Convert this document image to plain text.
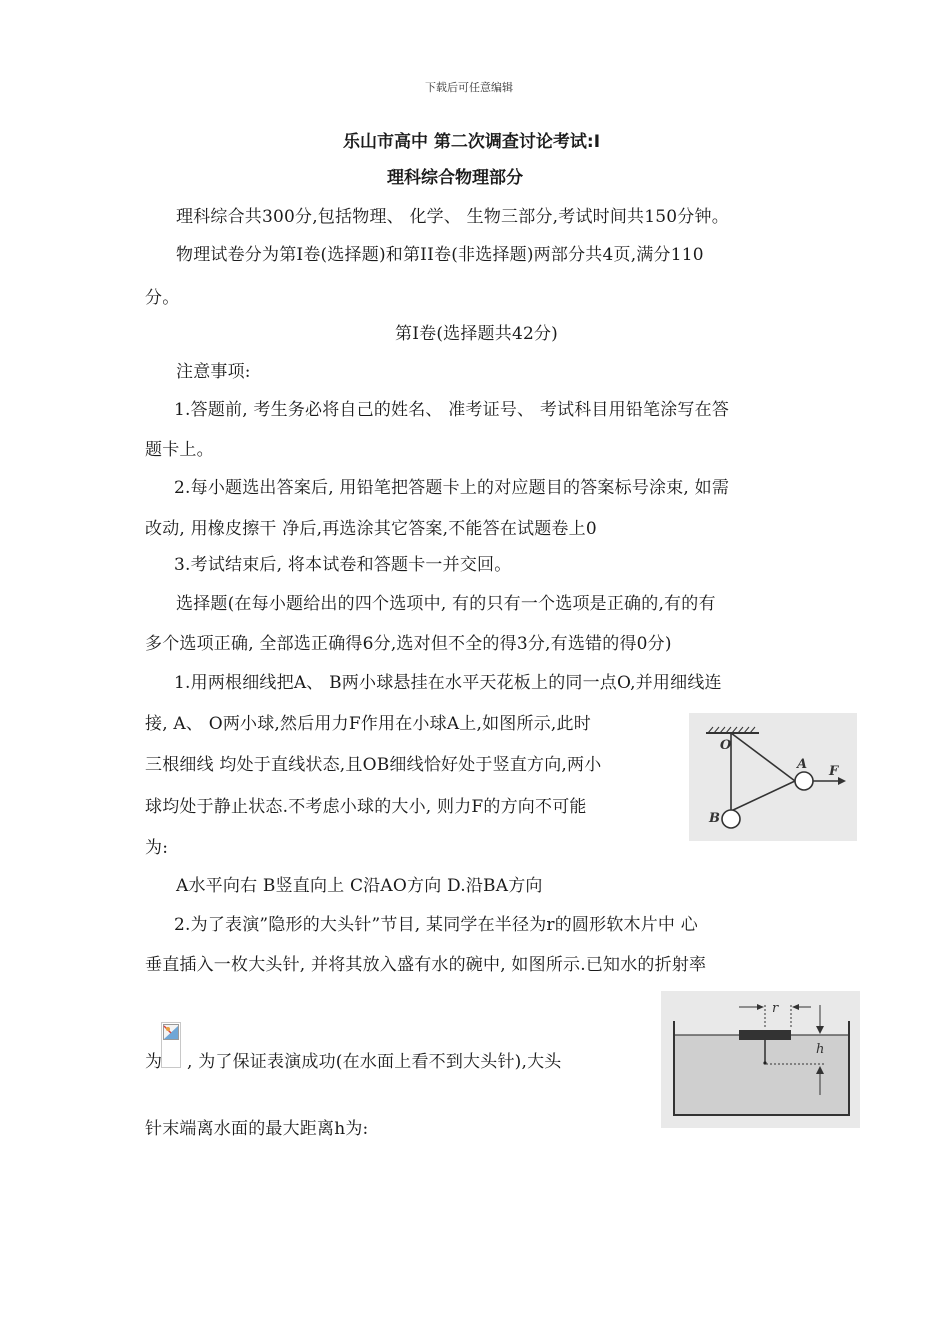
下载后可任意编辑
乐山市高中 第二次调查讨论考试:I
理科综合物理部分
理科综合共300分,包括物理、 化学、 生物三部分,考试时间共150分钟。
物理试卷分为第I卷(选择题)和第II卷(非选择题)两部分共4页,满分110
分。
第I卷(选择题共42分)
注意事项:
1.答题前, 考生务必将自己的姓名、 准考证号、 考试科目用铅笔涂写在答
题卡上。
2.每小题选出答案后, 用铅笔把答题卡上的对应题目的答案标号涂束, 如需
改动, 用橡皮擦干 净后,再选涂其它答案,不能答在试题卷上0
3.考试结束后, 将本试卷和答题卡一并交回。
选择题(在每小题给出的四个选项中, 有的只有一个选项是正确的,有的有
多个选项正确, 全部选正确得6分,选对但不全的得3分,有选错的得0分)
1.用两根细线把A、 B两小球悬挂在水平天花板上的同一点O,并用细线连
接, A、 O两小球,然后用力F作用在小球A上,如图所示,此时
三根细线 均处于直线状态,且OB细线恰好处于竖直方向,两小
球均处于静止状态.不考虑小球的大小, 则力F的方向不可能
为:
A水平向右 B竖直向上 C沿AO方向 D.沿BA方向
O
A F
B
2.为了表演”隐形的大头针”节目, 某同学在半径为r的圆形软木片中 心
垂直插入一枚大头针, 并将其放入盛有水的碗中, 如图所示.已知水的折射率
为 , 为了保证表演成功(在水面上看不到大头针),大头
针末端离水面的最大距离h为:
r
h
